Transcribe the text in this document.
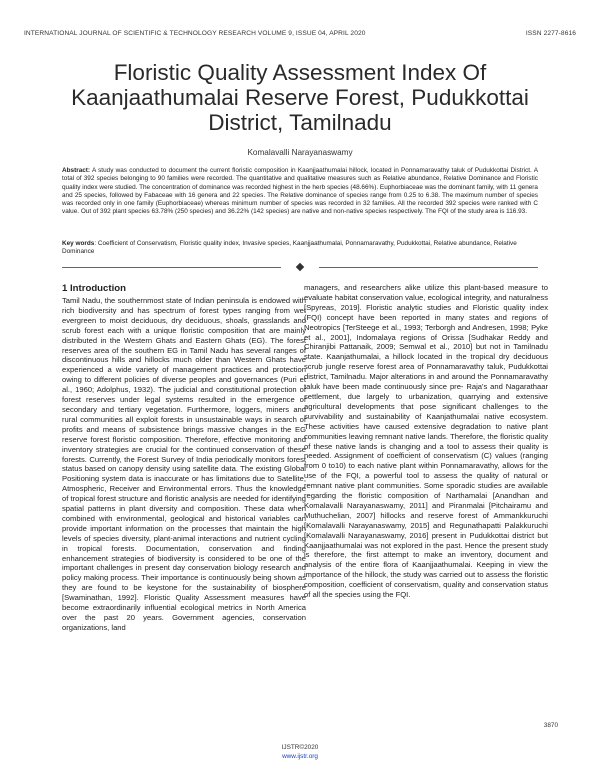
INTERNATIONAL JOURNAL OF SCIENTIFIC & TECHNOLOGY RESEARCH VOLUME 9, ISSUE 04, APRIL 2020	ISSN 2277-8616
Floristic Quality Assessment Index Of Kaanjaathumalai Reserve Forest, Pudukkottai District, Tamilnadu
Komalavalli Narayanaswamy
Abstract: A study was conducted to document the current floristic composition in Kaanjjaathumalai hillock, located in Ponnamaravathy taluk of Pudukkottai District. A total of 392 species belonging to 90 families were recorded. The quantitative and qualitative measures such as Relative abundance, Relative Dominance and Floristic quality index were studied. The concentration of dominance was recorded highest in the herb species (48.66%). Euphorbiaceae was the dominant family, with 11 genera and 25 species, followed by Fabaceae with 16 genera and 22 species. The Relative dominance of species range from 0.25 to 6.38. The maximum number of species was recorded only in one family (Euphorbiaceae) whereas minimum number of species was recorded in 32 families. All the recorded 392 species were ranked with C value. Out of 392 plant species 63.78% (250 species) and 36.22% (142 species) are native and non-native species respectively. The FQI of the study area is 116.93.
Key words: Coefficient of Conservatism, Floristic quality index, Invasive species, Kaanjjaathumalai, Ponnamaravathy, Pudukkottai, Relative abundance, Relative Dominance
1 Introduction

Tamil Nadu, the southernmost state of Indian peninsula is endowed with rich biodiversity and has spectrum of forest types ranging from wet evergreen to moist deciduous, dry deciduous, shoals, grasslands and scrub forest each with a unique floristic composition that are mainly distributed in the Western Ghats and Eastern Ghats (EG). The forest reserves area of the southern EG in Tamil Nadu has several ranges of discontinuous hills and hillocks much older than Western Ghats have experienced a wide variety of management practices and protection owing to different policies of diverse peoples and governances (Puri et al., 1960; Adolphus, 1932). The judicial and constitutional protection of forest reserves under legal systems resulted in the emergence of secondary and tertiary vegetation. Furthermore, loggers, miners and rural communities all exploit forests in unsustainable ways in search of profits and means of subsistence brings massive changes in the EG reserve forest floristic composition. Therefore, effective monitoring and inventory strategies are crucial for the continued conservation of these forests. Currently, the Forest Survey of India periodically monitors forest status based on canopy density using satellite data. The existing Global Positioning system data is inaccurate or has limitations due to Satellite, Atmospheric, Receiver and Environmental errors. Thus the knowledge of tropical forest structure and floristic analysis are needed for identifying spatial patterns in plant diversity and composition. These data when combined with environmental, geological and historical variables can provide important information on the processes that maintain the high levels of species diversity, plant-animal interactions and nutrient cycling in tropical forests. Documentation, conservation and finding enhancement strategies of biodiversity is considered to be one of the important challenges in present day conservation biology research and policy making process. Their importance is continuously being shown as they are found to be keystone for the sustainability of biosphere [Swaminathan, 1992]. Floristic Quality Assessment measures have become extraordinarily influential ecological metrics in North America over the past 20 years. Government agencies, conservation organizations, land

managers, and researchers alike utilize this plant-based measure to evaluate habitat conservation value, ecological integrity, and naturalness [Spyreas, 2019]. Floristic analytic studies and Floristic quality index (FQI) concept have been reported in many states and regions of Neotropics [TerSteege et al., 1993; Terborgh and Andresen, 1998; Pyke et al., 2001], Indomalaya regions of Orissa [Sudhakar Reddy and Chiranjibi Pattanaik, 2009; Semwal et al., 2010] but not in Tamilnadu state. Kaanjathumalai, a hillock located in the tropical dry deciduous scrub jungle reserve forest area of Ponnamaravathy taluk, Pudukkottai district, Tamilnadu. Major alterations in and around the Ponnamaravathy taluk have been made continuously since pre- Raja's and Nagarathaar settlement, due largely to urbanization, quarrying and extensive agricultural developments that pose significant challenges to the survivability and sustainability of Kaanjathumalai native ecosystem. These activities have caused extensive degradation to native plant communities leaving remnant native lands. Therefore, the floristic quality of these native lands is changing and a tool to assess their quality is needed. Assignment of coefficient of conservatism (C) values (ranging from 0 to10) to each native plant within Ponnamaravathy, allows for the use of the FQI, a powerful tool to assess the quality of natural or remnant native plant communities. Some sporadic studies are available regarding the floristic composition of Narthamalai [Anandhan and Komalavalli Narayanaswamy, 2011] and Piranmalai [Pitchairamu and Muthuchelian, 2007] hillocks and reserve forest of Ammankkuruchi [Komalavalli Narayanaswamy, 2015] and Regunathapatti Palakkuruchi [Komalavalli Narayanaswamy, 2016] present in Pudukkottai district but Kaanjjaathumalai was not explored in the past. Hence the present study is therefore, the first attempt to make an inventory, document and analysis of the entire flora of Kaanjjaathumalai. Keeping in view the importance of the hillock, the study was carried out to assess the floristic composition, coefficient of conservatism, quality and conservation status of all the species using the FQI.

3870
IJSTR©2020
www.ijstr.org
